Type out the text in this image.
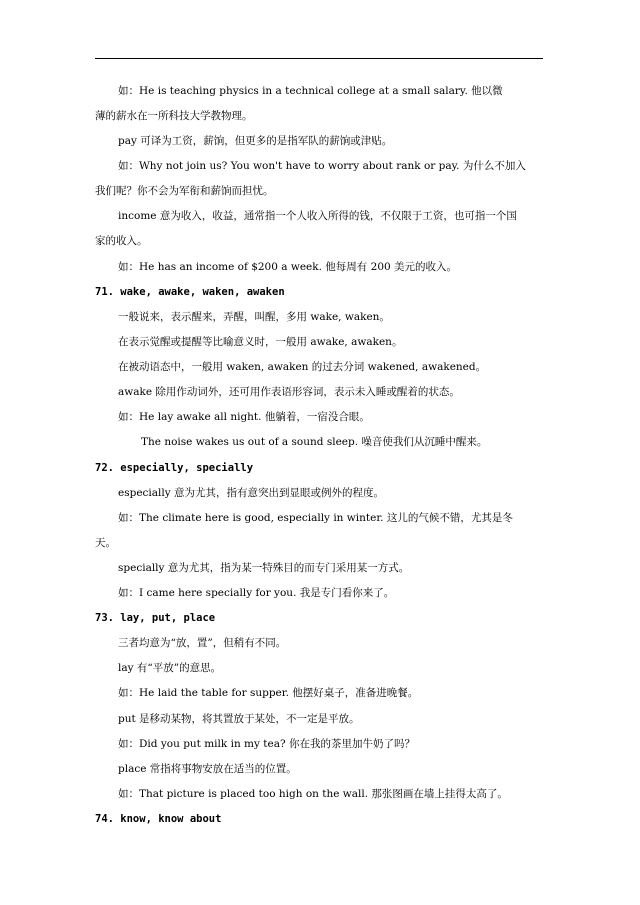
如：He is teaching physics in a technical college at a small salary. 他以微
薄的薪水在一所科技大学教物理。
pay 可译为工资，薪饷，但更多的是指军队的薪饷或津贴。
如：Why not join us? You won't have to worry about rank or pay. 为什么不加入
我们呢？你不会为军衔和薪饷而担忧。
income 意为收入，收益，通常指一个人收入所得的钱，不仅限于工资，也可指一个国
家的收入。
如：He has an income of $200 a week. 他每周有 200 美元的收入。
71. wake, awake, waken, awaken
一般说来，表示醒来，弄醒，叫醒，多用 wake, waken。
在表示觉醒或提醒等比喻意义时，一般用 awake, awaken。
在被动语态中，一般用 waken, awaken 的过去分词 wakened, awakened。
awake 除用作动词外，还可用作表语形容词，表示未入睡或醒着的状态。
如：He lay awake all night. 他躺着，一宿没合眼。
The noise wakes us out of a sound sleep. 噪音使我们从沉睡中醒来。
72. especially, specially
especially 意为尤其，指有意突出到显眼或例外的程度。
如：The climate here is good, especially in winter. 这儿的气候不错，尤其是冬
天。
specially 意为尤其，指为某一特殊目的而专门采用某一方式。
如：I came here specially for you. 我是专门看你来了。
73. lay, put, place
三者均意为“放，置”，但稍有不同。
lay 有“平放”的意思。
如：He laid the table for supper. 他摆好桌子，准备进晚餐。
put 是移动某物，将其置放于某处，不一定是平放。
如：Did you put milk in my tea? 你在我的茶里加牛奶了吗？
place 常指将事物安放在适当的位置。
如：That picture is placed too high on the wall. 那张图画在墙上挂得太高了。
74. know, know about
